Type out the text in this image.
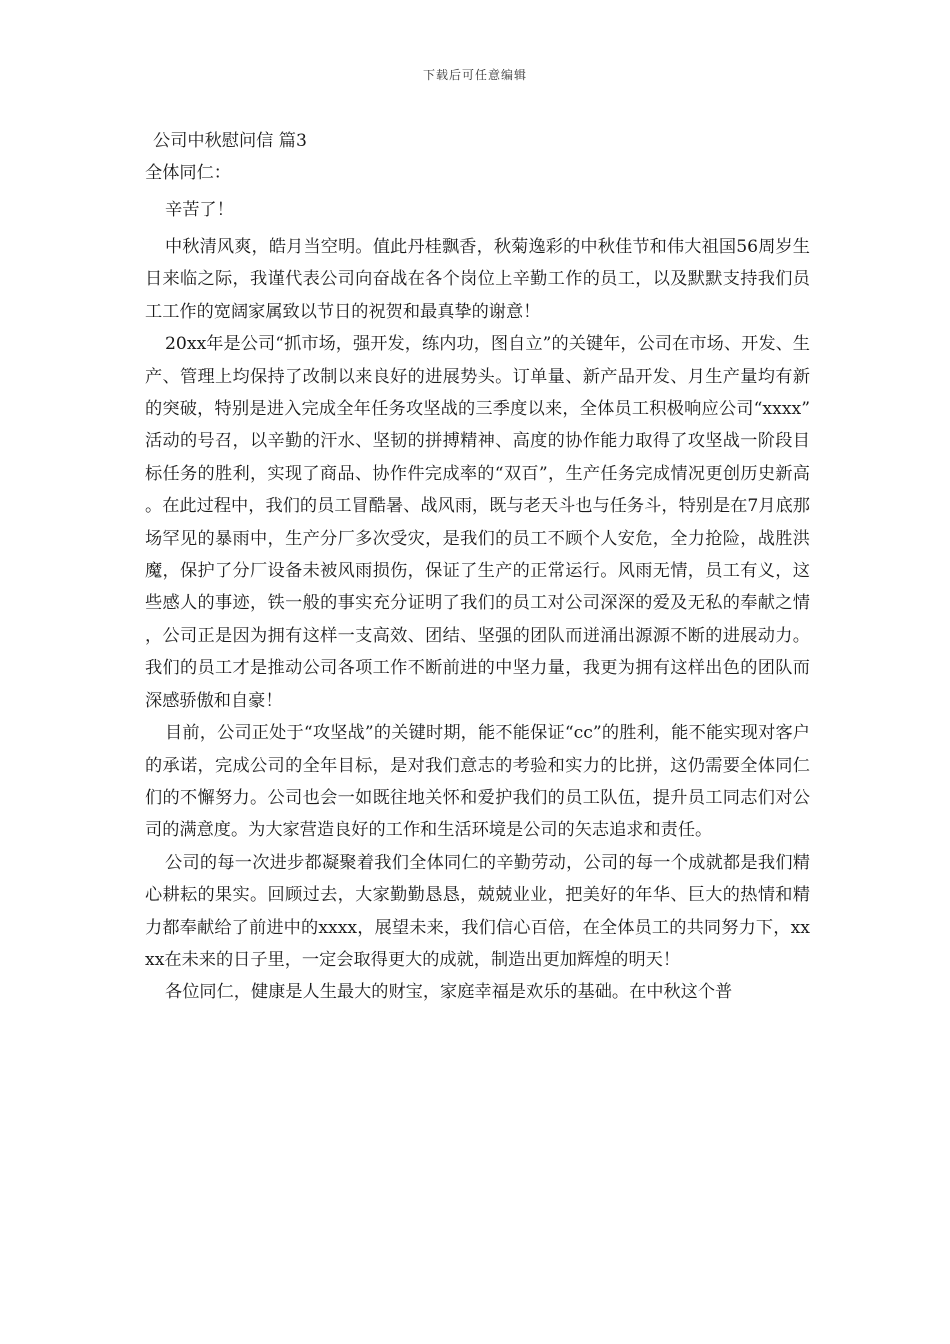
下载后可任意编辑
公司中秋慰问信 篇3

全体同仁：

辛苦了！

中秋清风爽，皓月当空明。值此丹桂飘香，秋菊逸彩的中秋佳节和伟大祖国56周岁生日来临之际，我谨代表公司向奋战在各个岗位上辛勤工作的员工，以及默默支持我们员工工作的宽阔家属致以节日的祝贺和最真挚的谢意！

20xx年是公司“抓市场，强开发，练内功，图自立”的关键年，公司在市场、开发、生产、管理上均保持了改制以来良好的进展势头。订单量、新产品开发、月生产量均有新的突破，特别是进入完成全年任务攻坚战的三季度以来，全体员工积极响应公司“xxxx”活动的号召，以辛勤的汗水、坚韧的拼搏精神、高度的协作能力取得了攻坚战一阶段目标任务的胜利，实现了商品、协作件完成率的“双百”，生产任务完成情况更创历史新高。在此过程中，我们的员工冒酷暑、战风雨，既与老天斗也与任务斗，特别是在7月底那场罕见的暴雨中，生产分厂多次受灾，是我们的员工不顾个人安危，全力抢险，战胜洪魔，保护了分厂设备未被风雨损伤，保证了生产的正常运行。风雨无情，员工有义，这些感人的事迹，铁一般的事实充分证明了我们的员工对公司深深的爱及无私的奉献之情，公司正是因为拥有这样一支高效、团结、坚强的团队而迸涌出源源不断的进展动力。我们的员工才是推动公司各项工作不断前进的中坚力量，我更为拥有这样出色的团队而深感骄傲和自豪！

目前，公司正处于“攻坚战”的关键时期，能不能保证“cc”的胜利，能不能实现对客户的承诺，完成公司的全年目标，是对我们意志的考验和实力的比拼，这仍需要全体同仁们的不懈努力。公司也会一如既往地关怀和爱护我们的员工队伍，提升员工同志们对公司的满意度。为大家营造良好的工作和生活环境是公司的矢志追求和责任。

公司的每一次进步都凝聚着我们全体同仁的辛勤劳动，公司的每一个成就都是我们精心耕耘的果实。回顾过去，大家勤勤恳恳，兢兢业业，把美好的年华、巨大的热情和精力都奉献给了前进中的xxxx，展望未来，我们信心百倍，在全体员工的共同努力下，xxxx在未来的日子里，一定会取得更大的成就，制造出更加辉煌的明天！

各位同仁，健康是人生最大的财宝，家庭幸福是欢乐的基础。在中秋这个普
